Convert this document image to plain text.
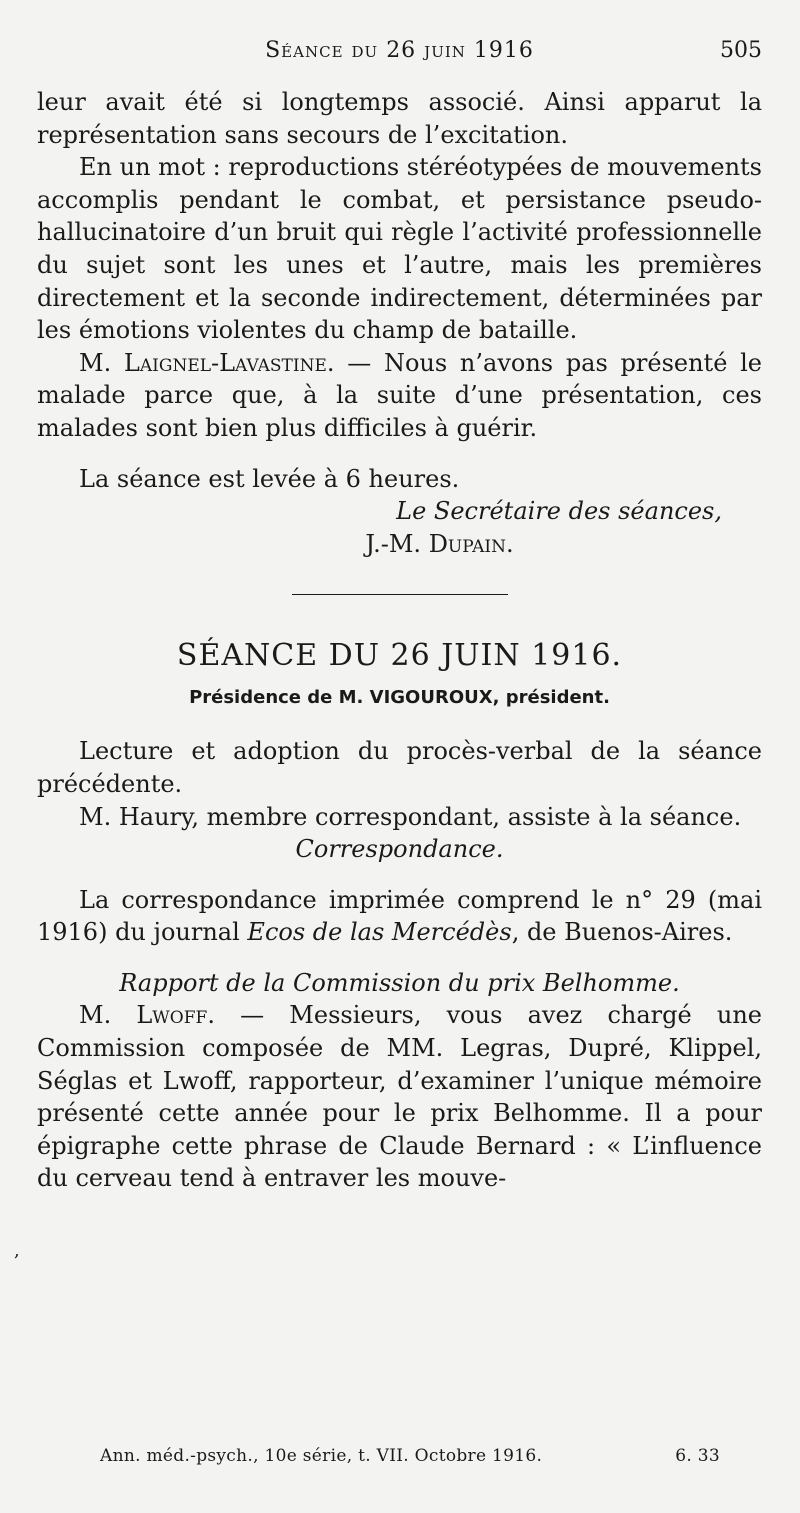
Séance du 26 juin 1916	505

leur avait été si longtemps associé. Ainsi apparut la représentation sans secours de l’excitation.

En un mot : reproductions stéréotypées de mouvements accomplis pendant le combat, et persistance pseudo-hallucinatoire d’un bruit qui règle l’activité professionnelle du sujet sont les unes et l’autre, mais les premières directement et la seconde indirectement, déterminées par les émotions violentes du champ de bataille.

M. Laignel-Lavastine. — Nous n’avons pas présenté le malade parce que, à la suite d’une présentation, ces malades sont bien plus difficiles à guérir.

La séance est levée à 6 heures.

Le Secrétaire des séances,

J.-M. Dupain.

SÉANCE DU 26 JUIN 1916.
Présidence de M. VIGOUROUX, président.

Lecture et adoption du procès-verbal de la séance précédente.

M. Haury, membre correspondant, assiste à la séance.

Correspondance.

La correspondance imprimée comprend le n° 29 (mai 1916) du journal Ecos de las Mercédès, de Buenos-Aires.

Rapport de la Commission du prix Belhomme.

M. Lwoff. — Messieurs, vous avez chargé une Commission composée de MM. Legras, Dupré, Klippel, Séglas et Lwoff, rapporteur, d’examiner l’unique mémoire présenté cette année pour le prix Belhomme. Il a pour épigraphe cette phrase de Claude Bernard : « L’influence du cerveau tend à entraver les mouve-

,
Ann. méd.-psych., 10e série, t. VII. Octobre 1916.	6. 33
